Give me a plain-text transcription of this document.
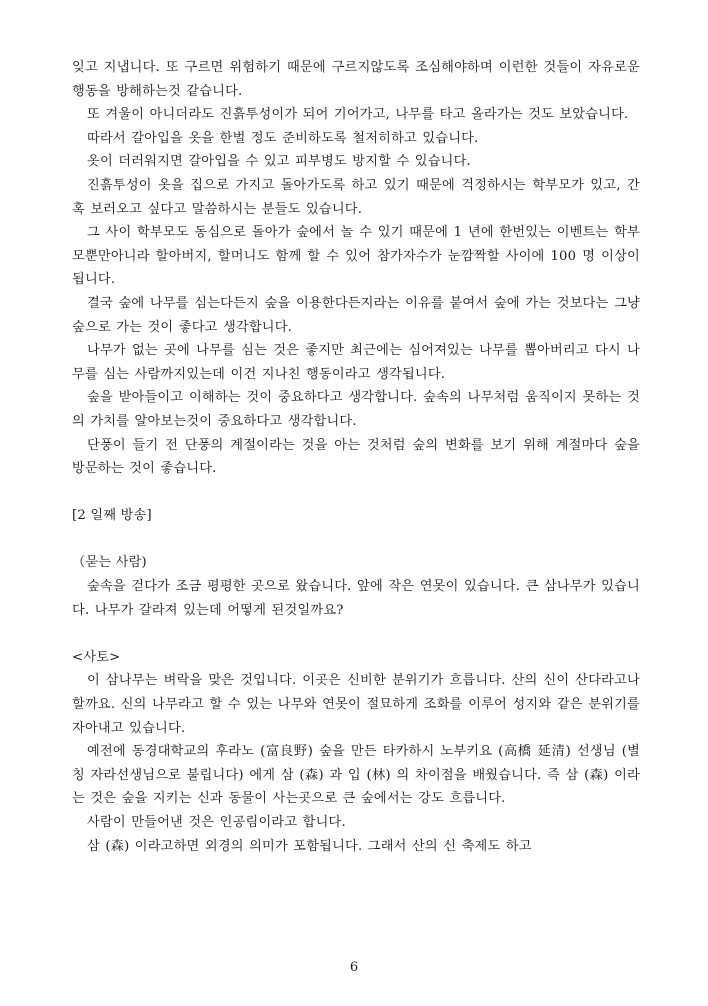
잊고 지냅니다. 또 구르면 위험하기 때문에 구르지않도록 조심해야하며 이런한 것들이 자유로운 행동을 방해하는것 같습니다.

또 겨울이 아니더라도 진흙투성이가 되어 기어가고, 나무를 타고 올라가는 것도 보았습니다.

따라서 갈아입을 옷을 한벌 정도 준비하도록 철저히하고 있습니다.

옷이 더러워지면 갈아입을 수 있고 피부병도 방지할 수 있습니다.

진흙투성이 옷을 집으로 가지고 돌아가도록 하고 있기 때문에 걱정하시는 학부모가 있고, 간혹 보러오고 싶다고 말씀하시는 분들도 있습니다.

그 사이 학부모도 동심으로 돌아가 숲에서 놀 수 있기 때문에 1 년에 한번있는 이벤트는 학부모뿐만아니라 할아버지, 할머니도 함께 할 수 있어 참가자수가 눈깜짝할 사이에 100 명 이상이됩니다.

결국 숲에 나무를 심는다든지 숲을 이용한다든지라는 이유를 붙여서 숲에 가는 것보다는 그냥 숲으로 가는 것이 좋다고 생각합니다.

나무가 없는 곳에 나무를 심는 것은 좋지만 최근에는 심어져있는 나무를 뽑아버리고 다시 나무를 심는 사람까지있는데 이건 지나친 행동이라고 생각됩니다.

숲을 받아들이고 이해하는 것이 중요하다고 생각합니다. 숲속의 나무처럼 움직이지 못하는 것의 가치를 알아보는것이 중요하다고 생각합니다.

단풍이 들기 전 단풍의 계절이라는 것을 아는 것처럼 숲의 변화를 보기 위해 계절마다 숲을 방문하는 것이 좋습니다.

[2 일째 방송]

（묻는 사람)

숲속을 걷다가 조금 평평한 곳으로 왔습니다. 앞에 작은 연못이 있습니다. 큰 삼나무가 있습니다. 나무가 갈라져 있는데 어떻게 된것일까요?

<사토>

이 삼나무는 벼락을 맞은 것입니다. 이곳은 신비한 분위기가 흐릅니다. 산의 신이 산다라고나할까요. 신의 나무라고 할 수 있는 나무와 연못이 절묘하게 조화를 이루어 성지와 같은 분위기를 자아내고 있습니다.

예전에 동경대학교의 후라노 (富良野) 숲을 만든 타카하시 노부키요 (高橋 延清) 선생님 (별칭 자라선생님으로 불립니다) 에게 삼 (森) 과 입 (林) 의 차이점을 배웠습니다. 즉 삼 (森) 이라는 것은 숲을 지키는 신과 동물이 사는곳으로 큰 숲에서는 강도 흐릅니다.

사람이 만들어낸 것은 인공림이라고 합니다.

삼 (森) 이라고하면 외경의 의미가 포함됩니다. 그래서 산의 신 축제도 하고

6
